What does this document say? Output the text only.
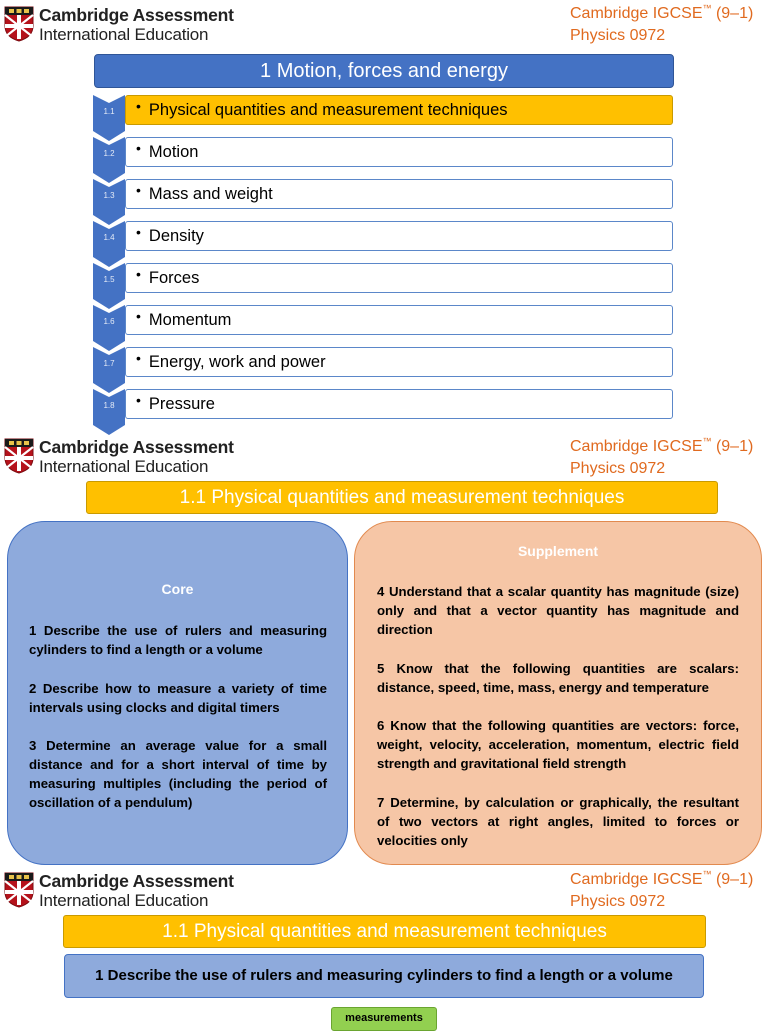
Cambridge Assessment
International Education
Cambridge IGCSE™ (9–1)
Physics 0972
1 Motion, forces and energy
1.1
1.2
1.3
1.4
1.5
1.6
1.7
1.8
• Physical quantities and measurement techniques
• Motion
• Mass and weight
• Density
• Forces
• Momentum
• Energy, work and power
• Pressure
Cambridge Assessment
International Education
Cambridge IGCSE™ (9–1)
Physics 0972
1.1 Physical quantities and measurement techniques
Core
1 Describe the use of rulers and measuring cylinders to find a length or a volume
2 Describe how to measure a variety of time intervals using clocks and digital timers
3 Determine an average value for a small distance and for a short interval of time by measuring multiples (including the period of oscillation of a pendulum)
Supplement
4 Understand that a scalar quantity has magnitude (size) only and that a vector quantity has magnitude and direction
5 Know that the following quantities are scalars: distance, speed, time, mass, energy and temperature
6 Know that the following quantities are vectors: force, weight, velocity, acceleration, momentum, electric field strength and gravitational field strength
7 Determine, by calculation or graphically, the resultant of two vectors at right angles, limited to forces or velocities only
Cambridge Assessment
International Education
Cambridge IGCSE™ (9–1)
Physics 0972
1.1 Physical quantities and measurement techniques
1 Describe the use of rulers and measuring cylinders to find a length or a volume
measurements
